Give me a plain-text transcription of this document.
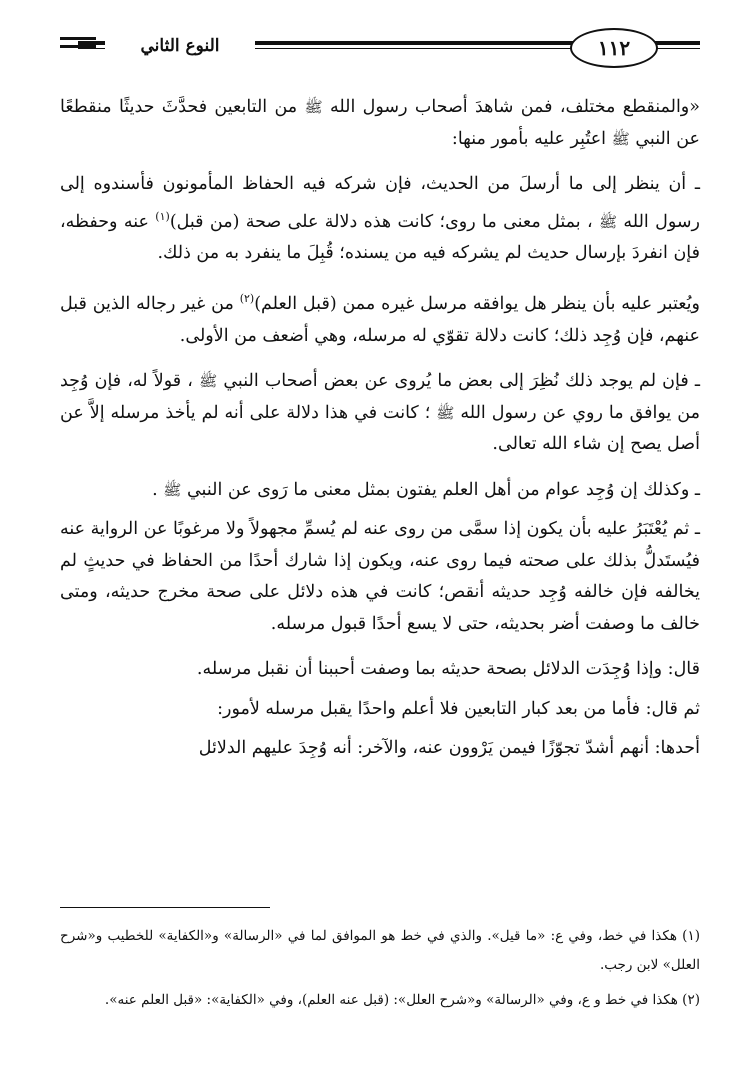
١١٢
النوع الثاني

«والمنقطع مختلف، فمن شاهدَ أصحاب رسول الله ﷺ من التابعين فحدَّثَ حديثًا منقطعًا عن النبي ﷺ اعتُبِر عليه بأمور منها:

ـ أن ينظر إلى ما أرسلَ من الحديث، فإن شركه فيه الحفاظ المأمونون فأسندوه إلى رسول الله ﷺ ، بمثل معنى ما روى؛ كانت هذه دلالة على صحة (من قبل)$^{(١)}$ عنه وحفظه، فإن انفردَ بإرسال حديث لم يشركه فيه من يسنده؛ قُبِلَ ما ينفرد به من ذلك.

ويُعتبر عليه بأن ينظر هل يوافقه مرسل غيره ممن (قبل العلم)$^{(٢)}$ من غير رجاله الذين قبل عنهم، فإن وُجِد ذلك؛ كانت دلالة تقوّي له مرسله، وهي أضعف من الأولى.

ـ فإن لم يوجد ذلك نُظِرَ إلى بعض ما يُروى عن بعض أصحاب النبي ﷺ ، قولاً له، فإن وُجِد من يوافق ما روي عن رسول الله ﷺ ؛ كانت في هذا دلالة على أنه لم يأخذ مرسله إلاَّ عن أصل يصح إن شاء الله تعالى.

ـ وكذلك إن وُجِد عوام من أهل العلم يفتون بمثل معنى ما رَوى عن النبي ﷺ .

ـ ثم يُعْتَبَرُ عليه بأن يكون إذا سمَّى من روى عنه لم يُسمِّ مجهولاً ولا مرغوبًا عن الرواية عنه فيُستَدلُّ بذلك على صحته فيما روى عنه، ويكون إذا شارك أحدًا من الحفاظ في حديثٍ لم يخالفه فإن خالفه وُجِد حديثه أنقص؛ كانت في هذه دلائل على صحة مخرج حديثه، ومتى خالف ما وصفت أضر بحديثه، حتى لا يسع أحدًا قبول مرسله.

قال: وإذا وُجِدَت الدلائل بصحة حديثه بما وصفت أحببنا أن نقبل مرسله.

ثم قال: فأما من بعد كبار التابعين فلا أعلم واحدًا يقبل مرسله لأمور:

أحدها: أنهم أشدّ تجوّزًا فيمن يَرْوون عنه، والآخر: أنه وُجِدَ عليهم الدلائل

(١) هكذا في خط، وفي ع: «ما قيل». والذي في خط هو الموافق لما في «الرسالة» و«الكفاية» للخطيب و«شرح العلل» لابن رجب.

(٢) هكذا في خط و ع، وفي «الرسالة» و«شرح العلل»: (قبل عنه العلم)، وفي «الكفاية»: «قبل العلم عنه».
